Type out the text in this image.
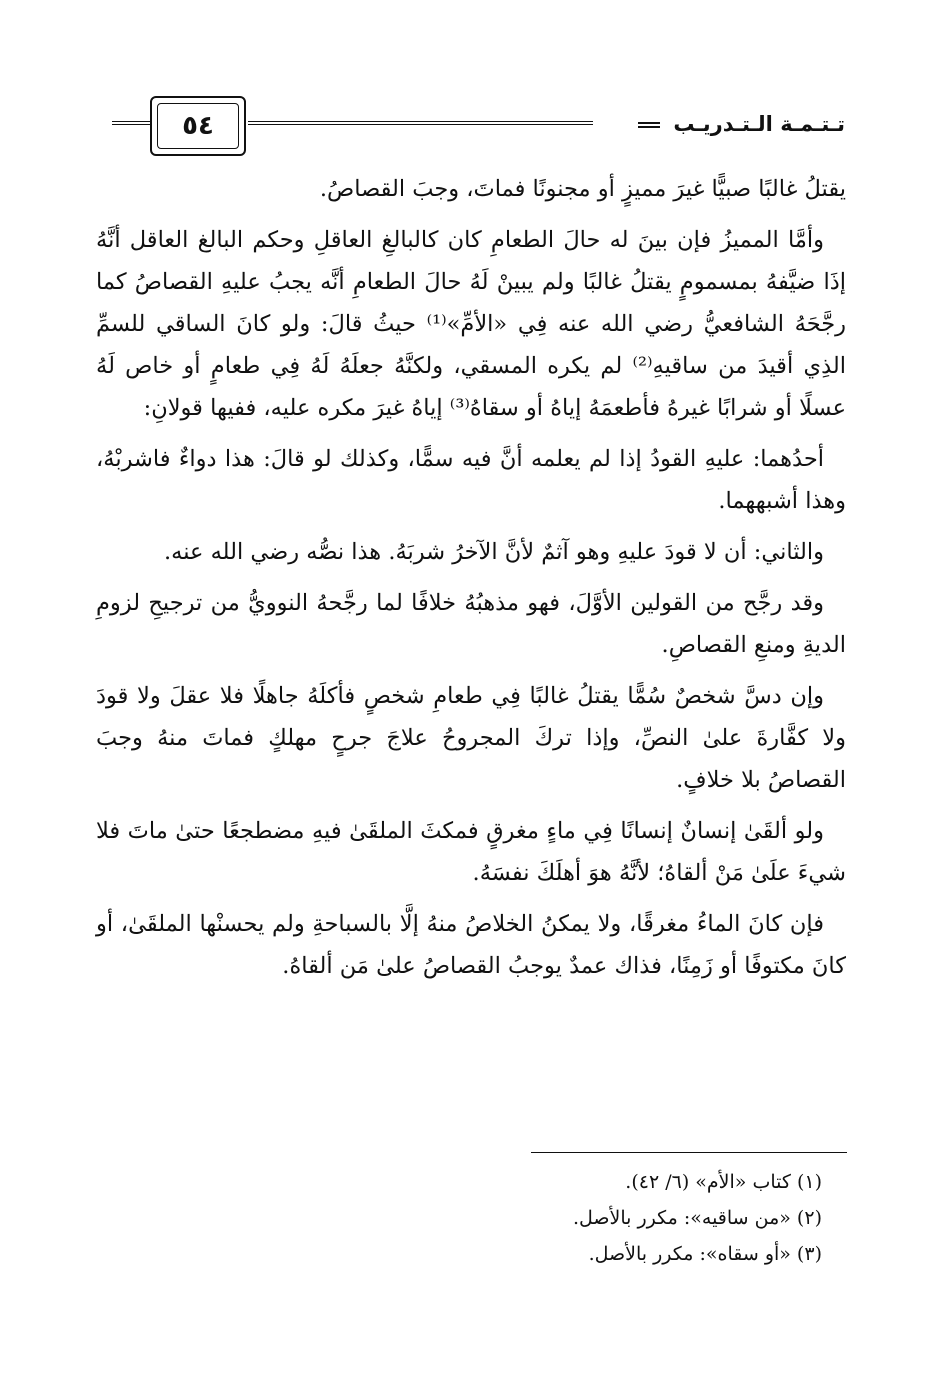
٥٤	تـتـمـة الـتـدريـب

يقتلُ غالبًا صبيًّا غيرَ مميزٍ أو مجنونًا فماتَ، وجبَ القصاصُ.

وأمَّا المميزُ فإن بينَ له حالَ الطعامِ كان كالبالغِ العاقلِ وحكم البالغ العاقل أنَّهُ إذَا ضيَّفهُ بمسمومٍ يقتلُ غالبًا ولم يبينْ لَهُ حالَ الطعامِ أنَّه يجبُ عليهِ القصاصُ كما رجَّحَهُ الشافعيُّ رضي الله عنه فِي «الأمِّ»⁽¹⁾ حيثُ قالَ: ولو كانَ الساقي للسمِّ الذِي أقيدَ من ساقيهِ⁽²⁾ لم يكره المسقي، ولكنَّهُ جعلَهُ لَهُ فِي طعامٍ أو خاص لَهُ عسلًا أو شرابًا غيرهُ فأطعمَهُ إياهُ أو سقاهُ⁽³⁾ إياهُ غيرَ مكره عليه، ففيها قولانِ:

أحدُهما: عليهِ القودُ إذا لم يعلمه أنَّ فيه سمًّا، وكذلك لو قالَ: هذا دواءٌ فاشربْهُ، وهذا أشبههما.

والثاني: أن لا قودَ عليهِ وهو آثمٌ لأنَّ الآخرُ شربَهُ. هذا نصُّه رضي الله عنه.

وقد رجَّح من القولين الأوَّلَ، فهو مذهبُهُ خلافًا لما رجَّحهُ النوويُّ من ترجيحِ لزومِ الديةِ ومنعِ القصاصِ.

وإن دسَّ شخصٌ سُمًّا يقتلُ غالبًا فِي طعامِ شخصٍ فأكلَهُ جاهلًا فلا عقلَ ولا قودَ ولا كفَّارةَ علىٰ النصِّ، وإذا تركَ المجروحُ علاجَ جرحٍ مهلكٍ فماتَ منهُ وجبَ القصاصُ بلا خلافٍ.

ولو ألقَىٰ إنسانٌ إنسانًا فِي ماءٍ مغرقٍ فمكثَ الملقَىٰ فيهِ مضطجعًا حتىٰ ماتَ فلا شيءَ علَىٰ مَنْ ألقاهُ؛ لأنَّهُ هوَ أهلَكَ نفسَهُ.

فإن كانَ الماءُ مغرقًا، ولا يمكنُ الخلاصُ منهُ إلَّا بالسباحةِ ولم يحسنْها الملقَىٰ، أو كانَ مكتوفًا أو زَمِنًا، فذاك عمدٌ يوجبُ القصاصُ علىٰ مَن ألقاهُ.

(١) كتاب «الأم» (٦/ ٤٢).
(٢) «من ساقيه»: مكرر بالأصل.
(٣) «أو سقاه»: مكرر بالأصل.
